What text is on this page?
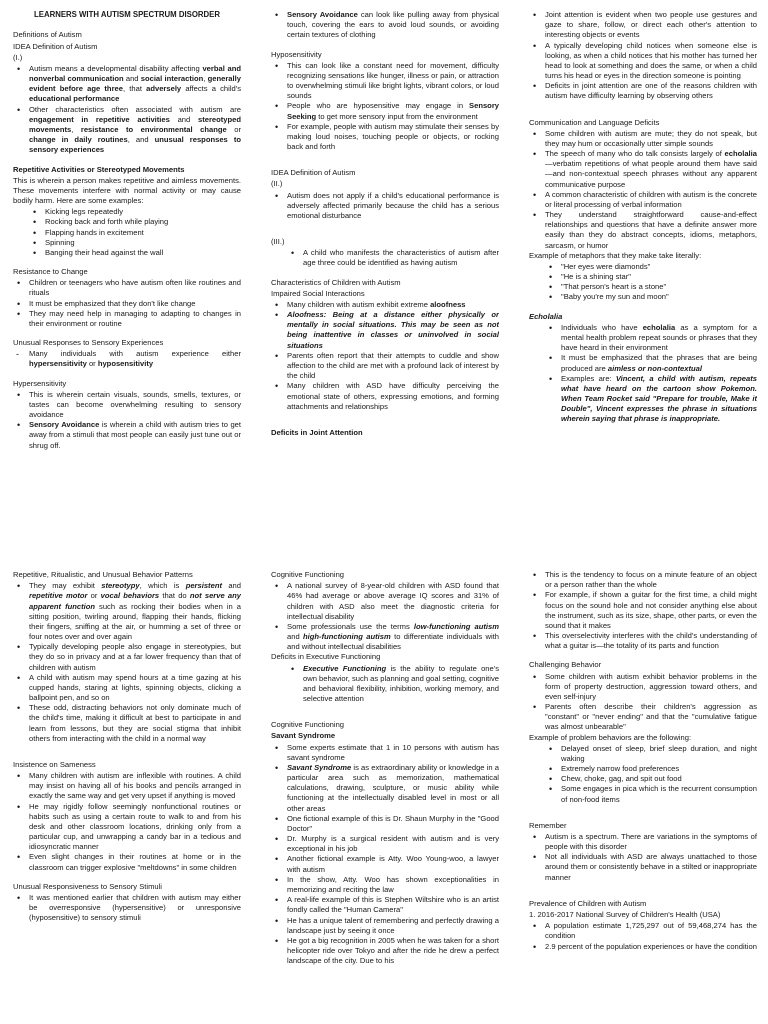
LEARNERS WITH AUTISM SPECTRUM DISORDER
Definitions of Autism
IDEA Definition of Autism
(I.)
• Autism means a developmental disability affecting verbal and nonverbal communication and social interaction, generally evident before age three, that adversely affects a child's educational performance
• Other characteristics often associated with autism are engagement in repetitive activities and stereotyped movements, resistance to environmental change or change in daily routines, and unusual responses to sensory experiences
Repetitive Activities or Stereotyped Movements
This is wherein a person makes repetitive and aimless movements. These movements interfere with normal activity or may cause bodily harm. Here are some examples:
• Kicking legs repeatedly
• Rocking back and forth while playing
• Flapping hands in excitement
• Spinning
• Banging their head against the wall
Resistance to Change
• Children or teenagers who have autism often like routines and rituals
• It must be emphasized that they don't like change
• They may need help in managing to adapting to changes in their environment or routine
Unusual Responses to Sensory Experiences
- Many individuals with autism experience either hypersensitivity or hyposensitivity
Hypersensitivity
• This is wherein certain visuals, sounds, smells, textures, or tastes can become overwhelming resulting to sensory avoidance
• Sensory Avoidance is wherein a child with autism tries to get away from a stimuli that most people can easily just tune out or shrug off.
• Sensory Avoidance can look like pulling away from physical touch, covering the ears to avoid loud sounds, or avoiding certain textures of clothing
Hyposensitivity
• This can look like a constant need for movement, difficulty recognizing sensations like hunger, illness or pain, or attraction to overwhelming stimuli like bright lights, vibrant colors, or loud sounds
• People who are hyposensitive may engage in Sensory Seeking to get more sensory input from the environment
• For example, people with autism may stimulate their senses by making loud noises, touching people or objects, or rocking back and forth
IDEA Definition of Autism
(II.)
• Autism does not apply if a child's educational performance is adversely affected primarily because the child has a serious emotional disturbance
(III.)
• A child who manifests the characteristics of autism after age three could be identified as having autism
Characteristics of Children with Autism
Impaired Social Interactions
• Many children with autism exhibit extreme aloofness
• Aloofness: Being at a distance either physically or mentally in social situations. This may be seen as not being inattentive in classes or uninvolved in social situations
• Parents often report that their attempts to cuddle and show affection to the child are met with a profound lack of interest by the child
• Many children with ASD have difficulty perceiving the emotional state of others, expressing emotions, and forming attachments and relationships
Deficits in Joint Attention
• Joint attention is evident when two people use gestures and gaze to share, follow, or direct each other's attention to interesting objects or events
• A typically developing child notices when someone else is looking, as when a child notices that his mother has turned her head to look at something and does the same, or when a child turns his head or eyes in the direction someone is pointing
• Deficits in joint attention are one of the reasons children with autism have difficulty learning by observing others
Communication and Language Deficits
• Some children with autism are mute; they do not speak, but they may hum or occasionally utter simple sounds
• The speech of many who do talk consists largely of echolalia—verbatim repetitions of what people around them have said—and non-contextual speech phrases without any apparent communicative purpose
• A common characteristic of children with autism is the concrete or literal processing of verbal information
• They understand straightforward cause-and-effect relationships and questions that have a definite answer more easily than they do abstract concepts, idioms, metaphors, sarcasm, or humor
Example of metaphors that they make take literally:
• "Her eyes were diamonds"
• "He is a shining star"
• "That person's heart is a stone"
• "Baby you're my sun and moon"
Echolalia
• Individuals who have echolalia as a symptom for a mental health problem repeat sounds or phrases that they have heard in their environment
• It must be emphasized that the phrases that are being produced are aimless or non-contextual
• Examples are: Vincent, a child with autism, repeats what have heard on the cartoon show Pokemon. When Team Rocket said "Prepare for trouble, Make it Double", Vincent expresses the phrase in situations wherein saying that phrase is inappropriate.
Repetitive, Ritualistic, and Unusual Behavior Patterns
• They may exhibit stereotypy, which is persistent and repetitive motor or vocal behaviors that do not serve any apparent function such as rocking their bodies when in a sitting position, twirling around, flapping their hands, flicking their fingers, sniffing at the air, or humming a set of three or four notes over and over again
• Typically developing people also engage in stereotypies, but they do so in privacy and at a far lower frequency than that of children with autism
• A child with autism may spend hours at a time gazing at his cupped hands, staring at lights, spinning objects, clicking a ballpoint pen, and so on
• These odd, distracting behaviors not only dominate much of the child's time, making it difficult at best to participate in and learn from lessons, but they are social stigma that inhibit others from interacting with the child in a normal way
Insistence on Sameness
• Many children with autism are inflexible with routines. A child may insist on having all of his books and pencils arranged in exactly the same way and get very upset if anything is moved
• He may rigidly follow seemingly nonfunctional routines or habits such as using a certain route to walk to and from his desk and other classroom locations, drinking only from a particular cup, and unwrapping a candy bar in a tedious and idiosyncratic manner
• Even slight changes in their routines at home or in the classroom can trigger explosive "meltdowns" in some children
Unusual Responsiveness to Sensory Stimuli
• It was mentioned earlier that children with autism may either be overresponsive (hypersensitive) or unresponsive (hyposensitive) to sensory stimuli
Cognitive Functioning
• A national survey of 8-year-old children with ASD found that 46% had average or above average IQ scores and 31% of children with ASD also meet the diagnostic criteria for intellectual disability
• Some professionals use the terms low-functioning autism and high-functioning autism to differentiate individuals with and without intellectual disabilities
Deficits in Executive Functioning
• Executive Functioning is the ability to regulate one's own behavior, such as planning and goal setting, cognitive and behavioral flexibility, inhibition, working memory, and selective attention
Cognitive Functioning
Savant Syndrome
• Some experts estimate that 1 in 10 persons with autism has savant syndrome
• Savant Syndrome is as extraordinary ability or knowledge in a particular area such as memorization, mathematical calculations, drawing, sculpture, or music ability while functioning at the intellectually disabled level in most or all other areas
• One fictional example of this is Dr. Shaun Murphy in the "Good Doctor"
• Dr. Murphy is a surgical resident with autism and is very exceptional in his job
• Another fictional example is Atty. Woo Young-woo, a lawyer with autism
• In the show, Atty. Woo has shown exceptionalities in memorizing and reciting the law
• A real-life example of this is Stephen Wiltshire who is an artist fondly called the "Human Camera"
• He has a unique talent of remembering and perfectly drawing a landscape just by seeing it once
• He got a big recognition in 2005 when he was taken for a short helicopter ride over Tokyo and after the ride he drew a perfect landscape of the city. Due to his
• This is the tendency to focus on a minute feature of an object or a person rather than the whole
• For example, if shown a guitar for the first time, a child might focus on the sound hole and not consider anything else about the instrument, such as its size, shape, other parts, or even the sound that it makes
• This overselectivity interferes with the child's understanding of what a guitar is—the totality of its parts and function
Challenging Behavior
• Some children with autism exhibit behavior problems in the form of property destruction, aggression toward others, and even self-injury
• Parents often describe their children's aggression as "constant" or "never ending" and that the "cumulative fatigue was almost unbearable"
Example of problem behaviors are the following:
• Delayed onset of sleep, brief sleep duration, and night waking
• Extremely narrow food preferences
• Chew, choke, gag, and spit out food
• Some engages in pica which is the recurrent consumption of non-food items
Remember
• Autism is a spectrum. There are variations in the symptoms of people with this disorder
• Not all individuals with ASD are always unattached to those around them or consistently behave in a stilted or inappropriate manner
Prevalence of Children with Autism
1. 2016-2017 National Survey of Children's Health (USA)
• A population estimate 1,725,297 out of 59,468,274 has the condition
• 2.9 percent of the population experiences or have the condition
